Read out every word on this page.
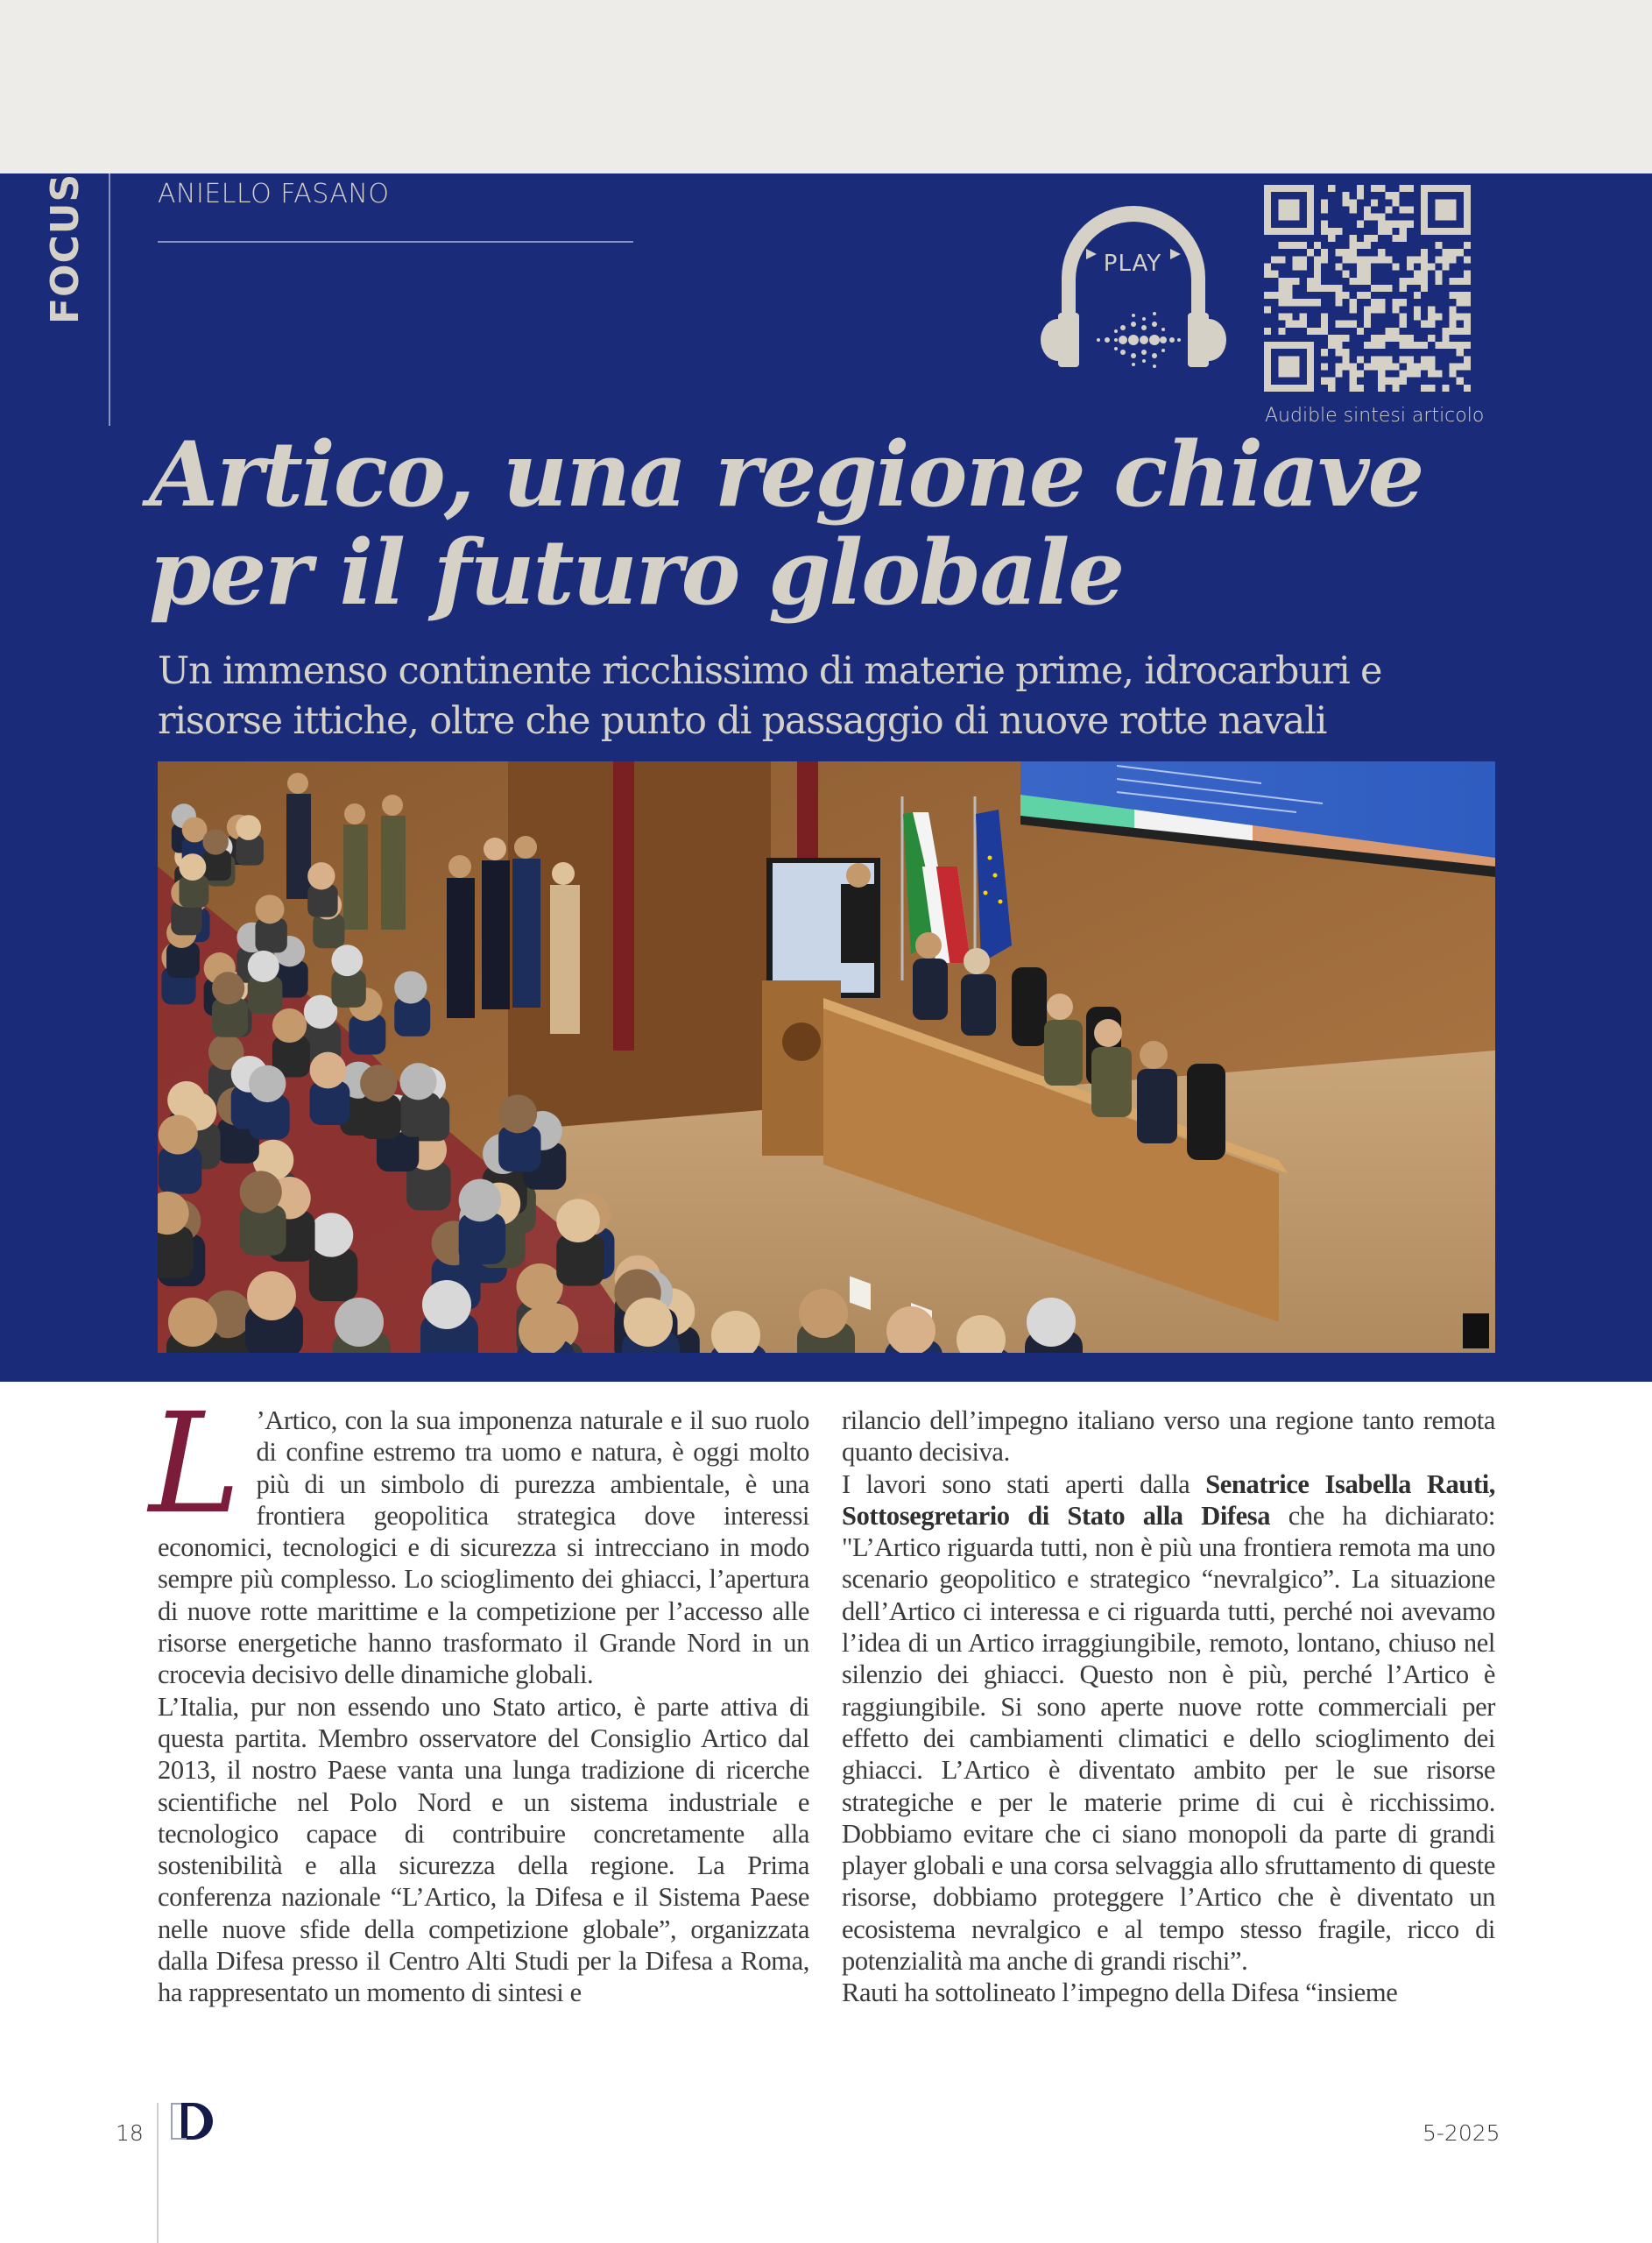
FOCUS	ANIELLO FASANO
PLAY
Audible sintesi articolo
Artico, una regione chiave
per il futuro globale
Un immenso continente ricchissimo di materie prime, idrocarburi e
risorse ittiche, oltre che punto di passaggio di nuove rotte navali
L ’Artico, con la sua imponenza naturale e il suo ruolo di confine estremo tra uomo e natura, è oggi molto più di un simbolo di purezza ambientale, è una frontiera geopolitica strategica dove interessi economici, tecnologici e di sicurezza si intrecciano in modo sempre più complesso. Lo scioglimento dei ghiacci, l’apertura di nuove rotte marittime e la competizione per l’accesso alle risorse energetiche hanno trasformato il Grande Nord in un crocevia decisivo delle dinamiche globali.

L’Italia, pur non essendo uno Stato artico, è parte attiva di questa partita. Membro osservatore del Consiglio Artico dal 2013, il nostro Paese vanta una lunga tradizione di ricerche scientifiche nel Polo Nord e un sistema industriale e tecnologico capace di contribuire concretamente alla sostenibilità e alla sicurezza della regione. La Prima conferenza nazionale “L’Artico, la Difesa e il Sistema Paese nelle nuove sfide della competizione globale”, organizzata dalla Difesa presso il Centro Alti Studi per la Difesa a Roma, ha rappresentato un momento di sintesi e

rilancio dell’impegno italiano verso una regione tanto remota quanto decisiva.

I lavori sono stati aperti dalla Senatrice Isabella Rauti, Sottosegretario di Stato alla Difesa che ha dichiarato: "L’Artico riguarda tutti, non è più una frontiera remota ma uno scenario geopolitico e strategico “nevralgico”. La situazione dell’Artico ci interessa e ci riguarda tutti, perché noi avevamo l’idea di un Artico irraggiungibile, remoto, lontano, chiuso nel silenzio dei ghiacci. Questo non è più, perché l’Artico è raggiungibile. Si sono aperte nuove rotte commerciali per effetto dei cambiamenti climatici e dello scioglimento dei ghiacci. L’Artico è diventato ambito per le sue risorse strategiche e per le materie prime di cui è ricchissimo. Dobbiamo evitare che ci siano monopoli da parte di grandi player globali e una corsa selvaggia allo sfruttamento di queste risorse, dobbiamo proteggere l’Artico che è diventato un ecosistema nevralgico e al tempo stesso fragile, ricco di potenzialità ma anche di grandi rischi”.

Rauti ha sottolineato l’impegno della Difesa “insieme

18	5-2025
